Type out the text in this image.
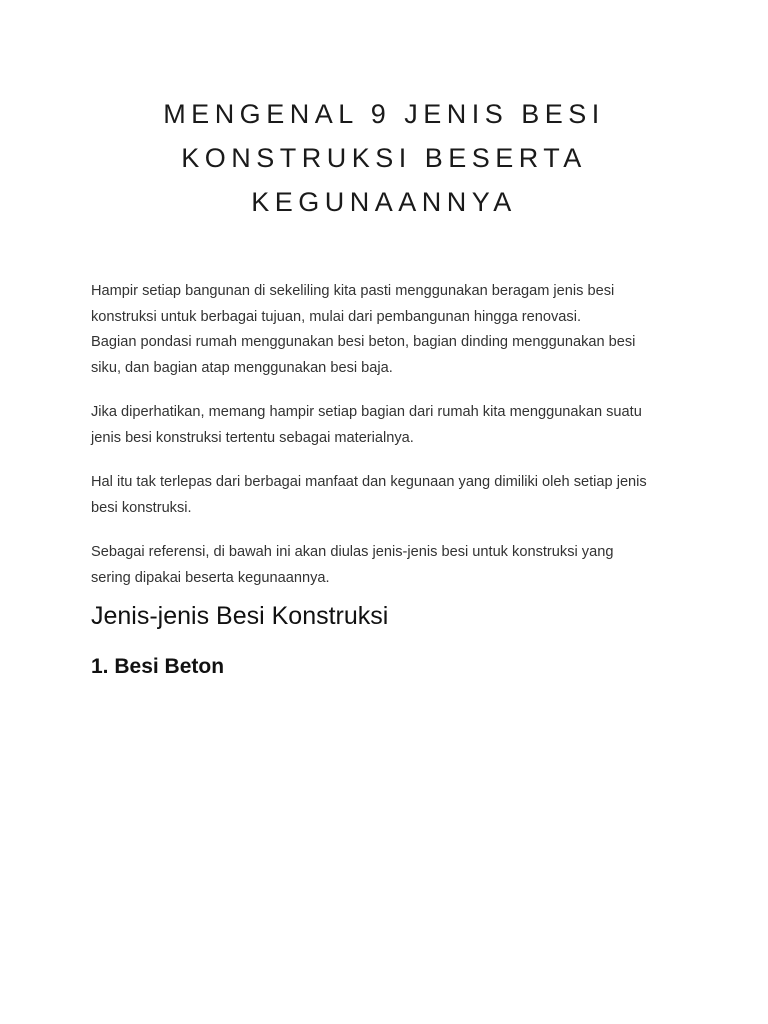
MENGENAL 9 JENIS BESI
KONSTRUKSI BESERTA
KEGUNAANNYA

Hampir setiap bangunan di sekeliling kita pasti menggunakan beragam jenis besi
konstruksi untuk berbagai tujuan, mulai dari pembangunan hingga renovasi.
Bagian pondasi rumah menggunakan besi beton, bagian dinding menggunakan besi
siku, dan bagian atap menggunakan besi baja.

Jika diperhatikan, memang hampir setiap bagian dari rumah kita menggunakan suatu
jenis besi konstruksi tertentu sebagai materialnya.

Hal itu tak terlepas dari berbagai manfaat dan kegunaan yang dimiliki oleh setiap jenis
besi konstruksi.

Sebagai referensi, di bawah ini akan diulas jenis-jenis besi untuk konstruksi yang
sering dipakai beserta kegunaannya.

Jenis-jenis Besi Konstruksi
1. Besi Beton
